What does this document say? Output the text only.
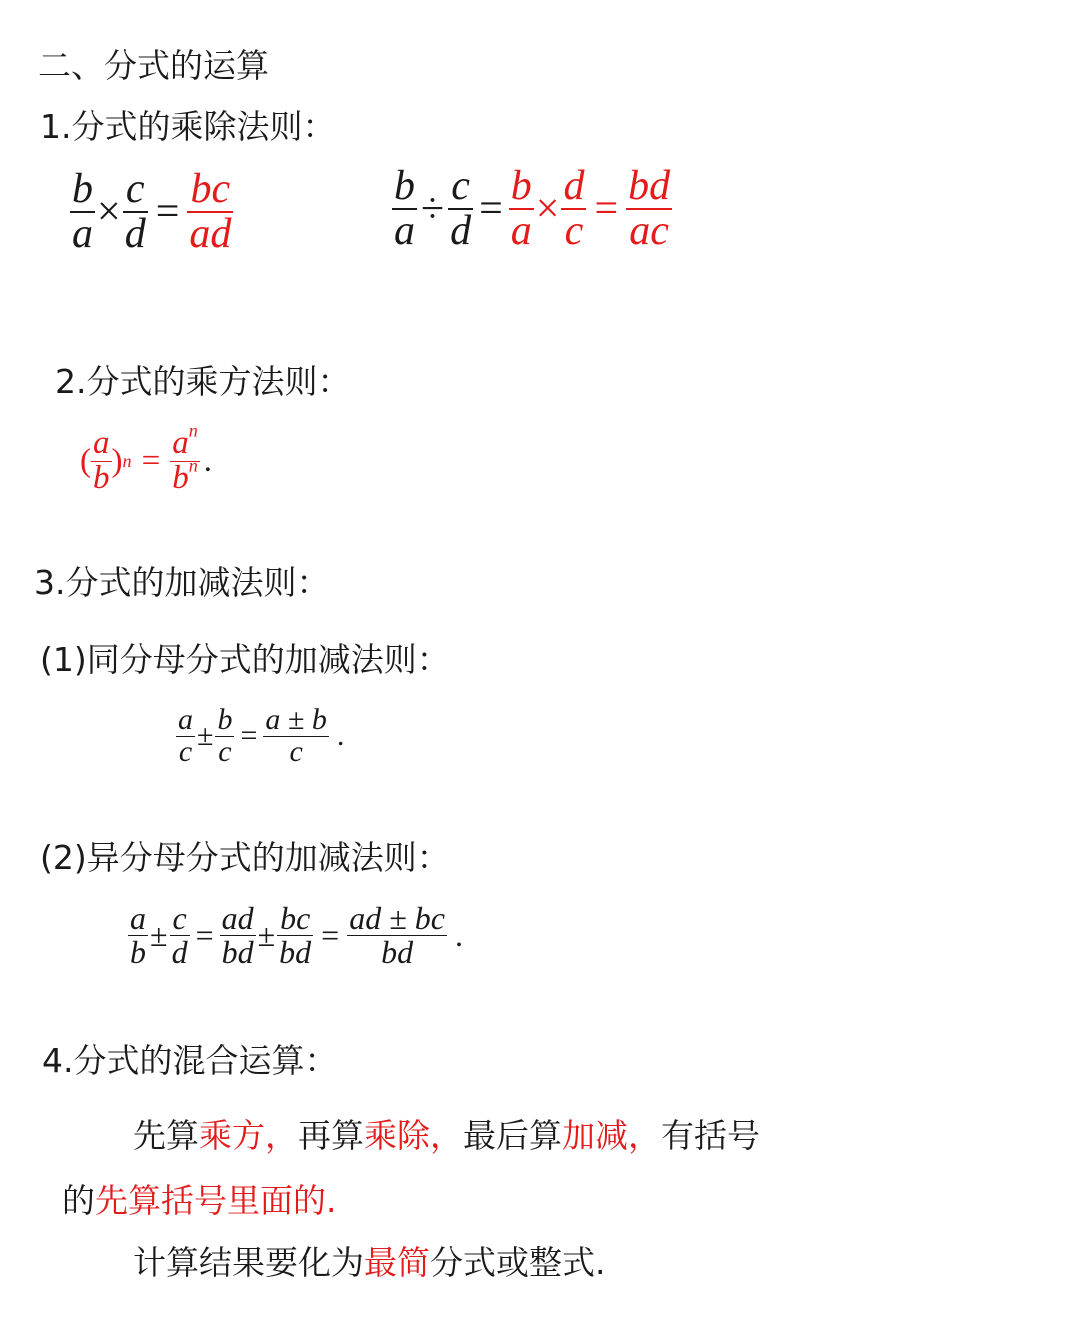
二、分式的运算
1.分式的乘除法则：
$\frac{b}{a} \times \frac{c}{d} = \frac{bc}{ad}$	$\frac{b}{a} \div \frac{c}{d} = \frac{b}{a} \times \frac{d}{c} = \frac{bd}{ac}$
2.分式的乘方法则：
( $\frac{a}{b}$ ) $n = \frac{a^n}{b^n}$ .
3.分式的加减法则：
(1)同分母分式的加减法则：
$\frac{a}{c} \pm \frac{b}{c} = \frac{a \pm b}{c}$ .
(2)异分母分式的加减法则：
$\frac{a}{b} \pm \frac{c}{d} = \frac{ad}{bd} \pm \frac{bc}{bd} = \frac{ad \pm bc}{bd}$ .
4.分式的混合运算：
先算乘方，再算乘除，最后算加减，有括号
的先算括号里面的.
计算结果要化为最简分式或整式.
